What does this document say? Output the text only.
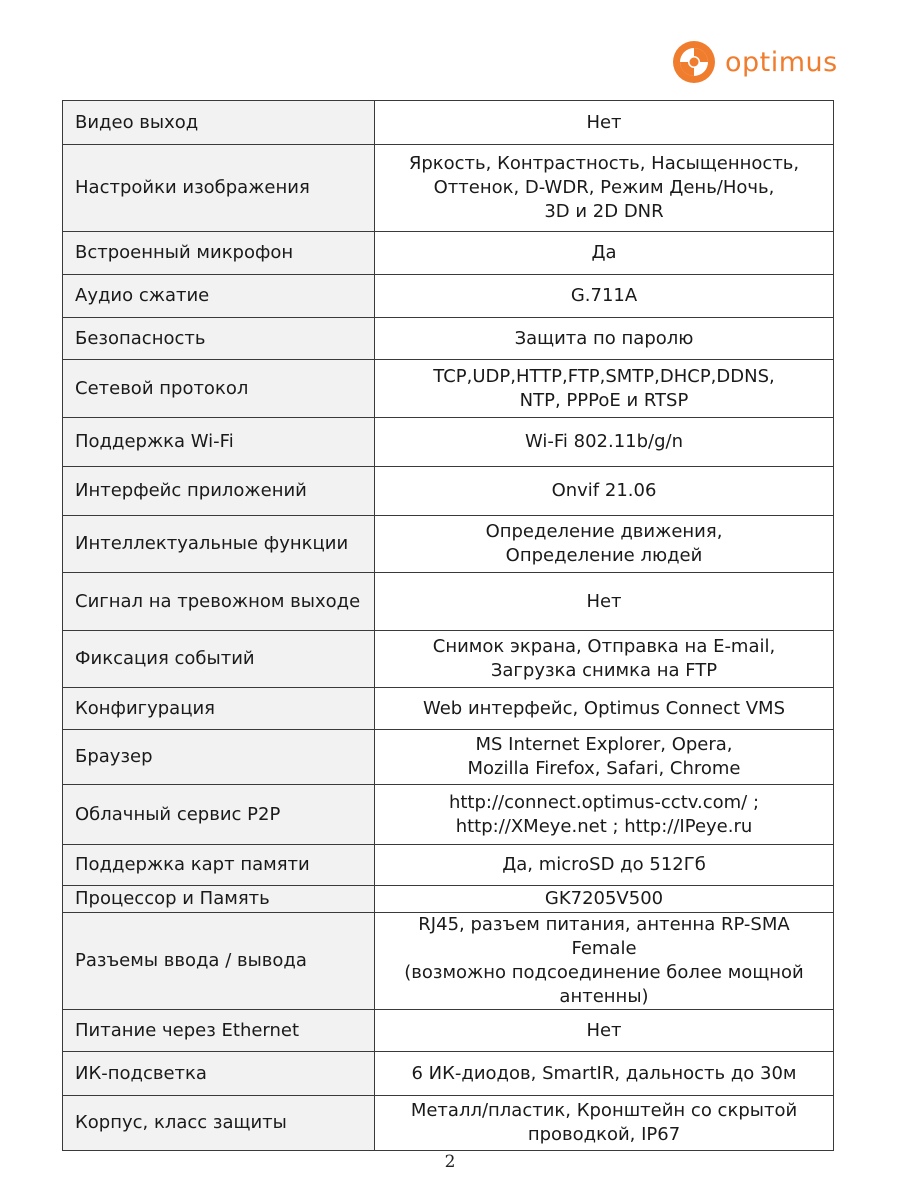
optimus
Видео выход	Нет
Настройки изображения	Яркость, Контрастность, Насыщенность,
Оттенок, D-WDR, Режим День/Ночь,
3D и 2D DNR
Встроенный микрофон	Да
Аудио сжатие	G.711A
Безопасность	Защита по паролю
Сетевой протокол	TCP,UDP,HTTP,FTP,SMTP,DHCP,DDNS,
NTP, PPPoE и RTSP
Поддержка Wi-Fi	Wi-Fi 802.11b/g/n
Интерфейс приложений	Onvif 21.06
Интеллектуальные функции	Определение движения,
Определение людей
Сигнал на тревожном выходе	Нет
Фиксация событий	Снимок экрана, Отправка на E-mail,
Загрузка снимка на FTP
Конфигурация	Web интерфейс, Optimus Connect VMS
Браузер	MS Internet Explorer, Opera,
Mozilla Firefox, Safari, Chrome
Облачный сервис P2P	http://connect.optimus-cctv.com/ ;
http://XMeye.net ; http://IPeye.ru
Поддержка карт памяти	Да, microSD до 512Гб
Процессор и Память	GK7205V500
Разъемы ввода / вывода	RJ45, разъем питания, антенна RP-SMA Female
(возможно подсоединение более мощной
антенны)
Питание через Ethernet	Нет
ИК-подсветка	6 ИК-диодов, SmartIR, дальность до 30м
Корпус, класс защиты	Металл/пластик, Кронштейн со скрытой
проводкой, IP67
2
